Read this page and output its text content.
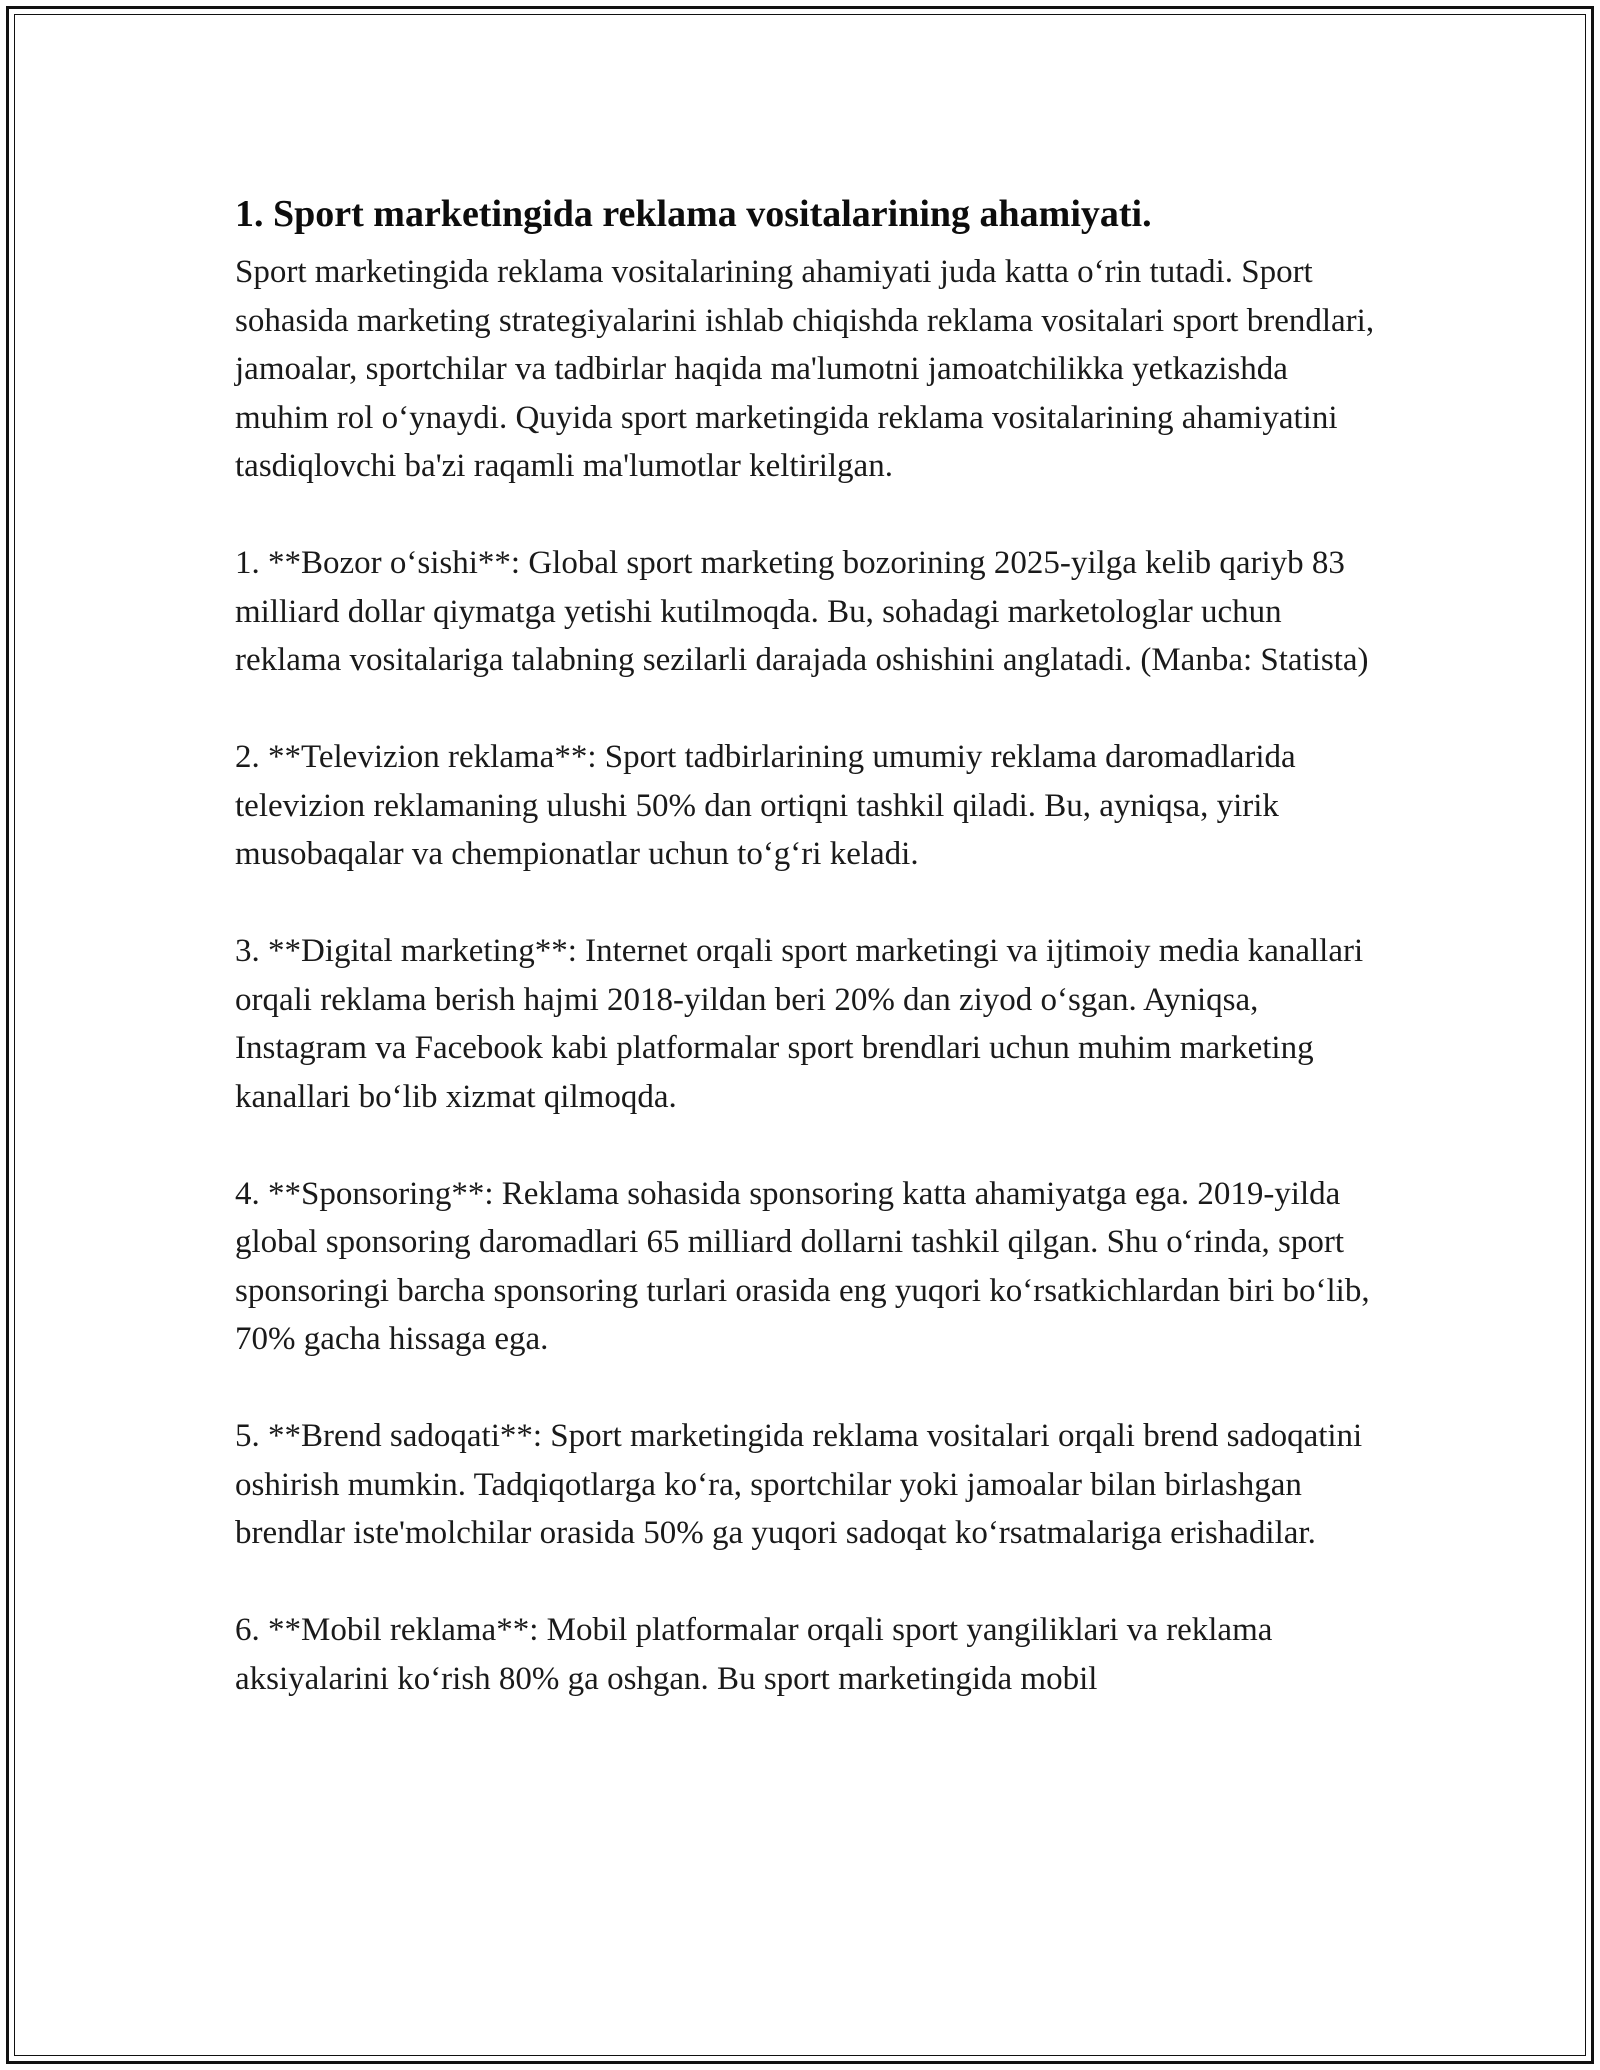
1. Sport marketingida reklama vositalarining ahamiyati.

Sport marketingida reklama vositalarining ahamiyati juda katta o‘rin tutadi. Sport sohasida marketing strategiyalarini ishlab chiqishda reklama vositalari sport brendlari, jamoalar, sportchilar va tadbirlar haqida ma'lumotni jamoatchilikka yetkazishda muhim rol o‘ynaydi. Quyida sport marketingida reklama vositalarining ahamiyatini tasdiqlovchi ba'zi raqamli ma'lumotlar keltirilgan.

1. **Bozor o‘sishi**: Global sport marketing bozorining 2025-yilga kelib qariyb 83 milliard dollar qiymatga yetishi kutilmoqda. Bu, sohadagi marketologlar uchun reklama vositalariga talabning sezilarli darajada oshishini anglatadi. (Manba: Statista)

2. **Televizion reklama**: Sport tadbirlarining umumiy reklama daromadlarida televizion reklamaning ulushi 50% dan ortiqni tashkil qiladi. Bu, ayniqsa, yirik musobaqalar va chempionatlar uchun to‘g‘ri keladi.

3. **Digital marketing**: Internet orqali sport marketingi va ijtimoiy media kanallari orqali reklama berish hajmi 2018-yildan beri 20% dan ziyod o‘sgan. Ayniqsa, Instagram va Facebook kabi platformalar sport brendlari uchun muhim marketing kanallari bo‘lib xizmat qilmoqda.

4. **Sponsoring**: Reklama sohasida sponsoring katta ahamiyatga ega. 2019-yilda global sponsoring daromadlari 65 milliard dollarni tashkil qilgan. Shu o‘rinda, sport sponsoringi barcha sponsoring turlari orasida eng yuqori ko‘rsatkichlardan biri bo‘lib, 70% gacha hissaga ega.

5. **Brend sadoqati**: Sport marketingida reklama vositalari orqali brend sadoqatini oshirish mumkin. Tadqiqotlarga ko‘ra, sportchilar yoki jamoalar bilan birlashgan brendlar iste'molchilar orasida 50% ga yuqori sadoqat ko‘rsatmalariga erishadilar.

6. **Mobil reklama**: Mobil platformalar orqali sport yangiliklari va reklama aksiyalarini ko‘rish 80% ga oshgan. Bu sport marketingida mobil
